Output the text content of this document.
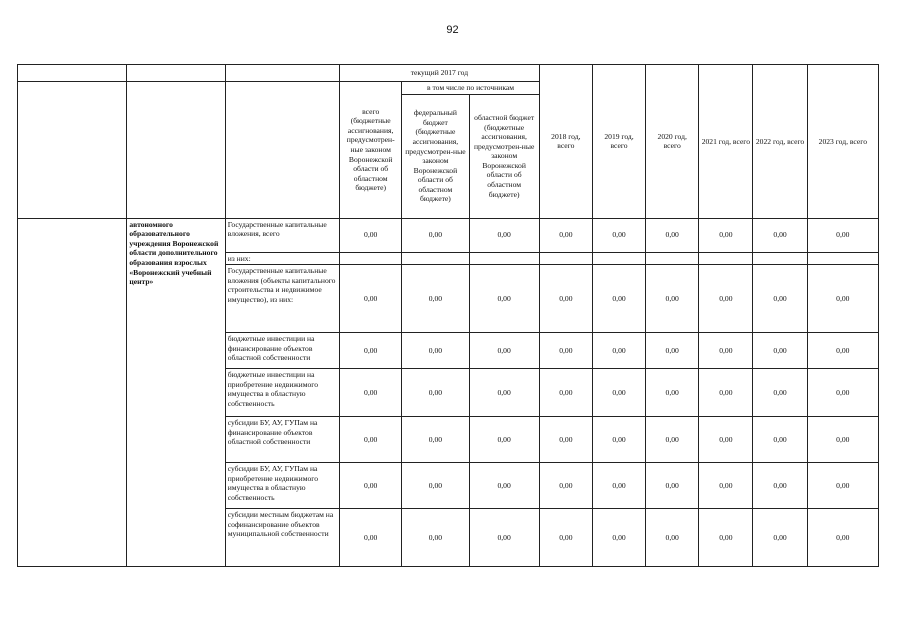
92
			текущий 2017 год			2018 год, всего	2019 год, всего	2020 год, всего	2021 год, всего	2022 год, всего	2023 год, всего
			всего (бюджетные ассигнования, предусмотрен-ные законом Воронежской области об областном бюджете)	в том числе по источникам							
				федеральный бюджет (бюджетные ассигнования, предусмотрен-ные законом Воронежской области об областном бюджете)	областной бюджет (бюджетные ассигнования, предусмотрен-ные законом Воронежской области об областном бюджете)						
	автономного образовательного учреждения Воронежской области дополнительного образования взрослых «Воронежский учебный центр»	Государственные капитальные вложения, всего	0,00	0,00	0,00	0,00	0,00	0,00	0,00	0,00	0,00
		из них:									
		Государственные капитальные вложения (объекты капитального строительства и недвижимое имущество), из них:	0,00	0,00	0,00	0,00	0,00	0,00	0,00	0,00	0,00
		бюджетные инвестиции на финансирование объектов областной собственности	0,00	0,00	0,00	0,00	0,00	0,00	0,00	0,00	0,00
		бюджетные инвестиции на приобретение недвижимого имущества в областную собственность	0,00	0,00	0,00	0,00	0,00	0,00	0,00	0,00	0,00
		субсидии БУ, АУ, ГУПам на финансирование объектов областной собственности	0,00	0,00	0,00	0,00	0,00	0,00	0,00	0,00	0,00
		субсидии БУ, АУ, ГУПам на приобретение недвижимого имущества в областную собственность	0,00	0,00	0,00	0,00	0,00	0,00	0,00	0,00	0,00
		субсидии местным бюджетам на софинансирование объектов муниципальной собственности	0,00	0,00	0,00	0,00	0,00	0,00	0,00	0,00	0,00
